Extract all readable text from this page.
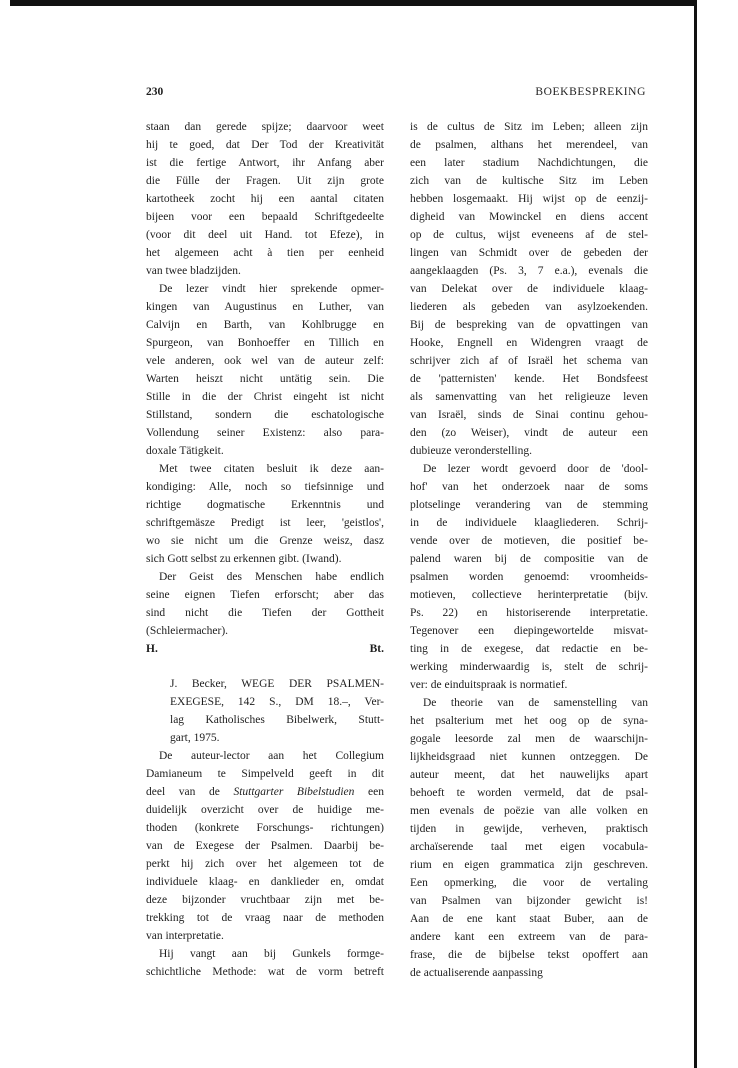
230	BOEKBESPREKING
staan dan gerede spijze; daarvoor weet
hij te goed, dat Der Tod der Kreativität
ist die fertige Antwort, ihr Anfang aber
die Fülle der Fragen. Uit zijn grote
kartotheek zocht hij een aantal citaten
bijeen voor een bepaald Schriftgedeelte
(voor dit deel uit Hand. tot Efeze), in
het algemeen acht à tien per eenheid
van twee bladzijden.
De lezer vindt hier sprekende opmer-
kingen van Augustinus en Luther, van
Calvijn en Barth, van Kohlbrugge en
Spurgeon, van Bonhoeffer en Tillich en
vele anderen, ook wel van de auteur zelf:
Warten heiszt nicht untätig sein. Die
Stille in die der Christ eingeht ist nicht
Stillstand, sondern die eschatologische
Vollendung seiner Existenz: also para-
doxale Tätigkeit.
Met twee citaten besluit ik deze aan-
kondiging: Alle, noch so tiefsinnige und
richtige dogmatische Erkenntnis und
schriftgemäsze Predigt ist leer, 'geistlos',
wo sie nicht um die Grenze weisz, dasz
sich Gott selbst zu erkennen gibt. (Iwand).
Der Geist des Menschen habe endlich
seine eignen Tiefen erforscht; aber das
sind nicht die Tiefen der Gottheit
(Schleiermacher).
H.	Bt.
J. Becker, WEGE DER PSALMEN-
EXEGESE, 142 S., DM 18.–, Ver-
lag Katholisches Bibelwerk, Stutt-
gart, 1975.
De auteur-lector aan het Collegium
Damianeum te Simpelveld geeft in dit
deel van de Stuttgarter Bibelstudien een
duidelijk overzicht over de huidige me-
thoden (konkrete Forschungs- richtungen)
van de Exegese der Psalmen. Daarbij be-
perkt hij zich over het algemeen tot de
individuele klaag- en danklieder en, omdat
deze bijzonder vruchtbaar zijn met be-
trekking tot de vraag naar de methoden
van interpretatie.
Hij vangt aan bij Gunkels formge-
schichtliche Methode: wat de vorm betreft
is de cultus de Sitz im Leben; alleen zijn
de psalmen, althans het merendeel, van
een later stadium Nachdichtungen, die
zich van de kultische Sitz im Leben
hebben losgemaakt. Hij wijst op de eenzij-
digheid van Mowinckel en diens accent
op de cultus, wijst eveneens af de stel-
lingen van Schmidt over de gebeden der
aangeklaagden (Ps. 3, 7 e.a.), evenals die
van Delekat over de individuele klaag-
liederen als gebeden van asylzoekenden.
Bij de bespreking van de opvattingen van
Hooke, Engnell en Widengren vraagt de
schrijver zich af of Israël het schema van
de 'patternisten' kende. Het Bondsfeest
als samenvatting van het religieuze leven
van Israël, sinds de Sinai continu gehou-
den (zo Weiser), vindt de auteur een
dubieuze veronderstelling.
De lezer wordt gevoerd door de 'dool-
hof' van het onderzoek naar de soms
plotselinge verandering van de stemming
in de individuele klaagliederen. Schrij-
vende over de motieven, die positief be-
palend waren bij de compositie van de
psalmen worden genoemd: vroomheids-
motieven, collectieve herinterpretatie (bijv.
Ps. 22) en historiserende interpretatie.
Tegenover een diepingewortelde misvat-
ting in de exegese, dat redactie en be-
werking minderwaardig is, stelt de schrij-
ver: de einduitspraak is normatief.
De theorie van de samenstelling van
het psalterium met het oog op de syna-
gogale leesorde zal men de waarschijn-
lijkheidsgraad niet kunnen ontzeggen. De
auteur meent, dat het nauwelijks apart
behoeft te worden vermeld, dat de psal-
men evenals de poëzie van alle volken en
tijden in gewijde, verheven, praktisch
archaïserende taal met eigen vocabula-
rium en eigen grammatica zijn geschreven.
Een opmerking, die voor de vertaling
van Psalmen van bijzonder gewicht is!
Aan de ene kant staat Buber, aan de
andere kant een extreem van de para-
frase, die de bijbelse tekst opoffert aan
de actualiserende aanpassing
